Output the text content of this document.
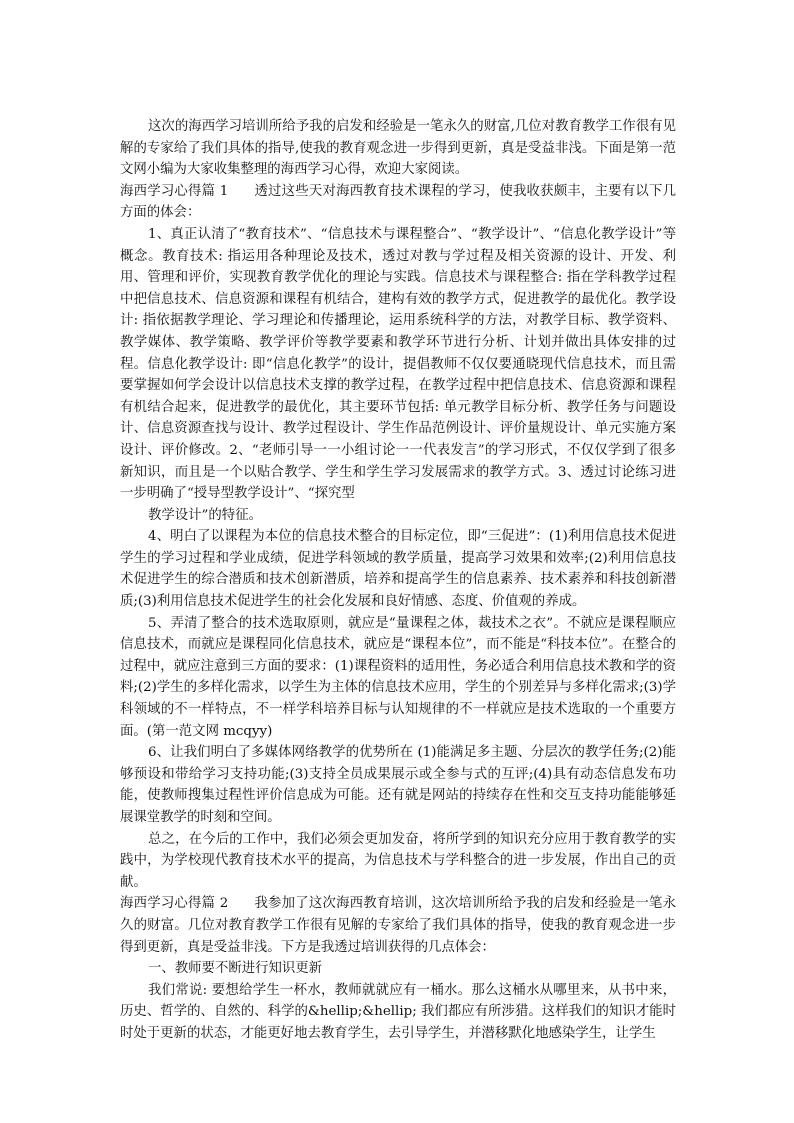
这次的海西学习培训所给予我的启发和经验是一笔永久的财富,几位对教育教学工作很有见解的专家给了我们具体的指导,使我的教育观念进一步得到更新，真是受益非浅。下面是第一范文网小编为大家收集整理的海西学习心得，欢迎大家阅读。

海西学习心得篇 1 透过这些天对海西教育技术课程的学习，使我收获颇丰，主要有以下几方面的体会：

1、真正认清了“教育技术”、“信息技术与课程整合”、“教学设计”、“信息化教学设计”等概念。教育技术: 指运用各种理论及技术，透过对教与学过程及相关资源的设计、开发、利用、管理和评价，实现教育教学优化的理论与实践。信息技术与课程整合: 指在学科教学过程中把信息技术、信息资源和课程有机结合，建构有效的教学方式，促进教学的最优化。教学设计: 指依据教学理论、学习理论和传播理论，运用系统科学的方法，对教学目标、教学资料、教学媒体、教学策略、教学评价等教学要素和教学环节进行分析、计划并做出具体安排的过程。信息化教学设计: 即“信息化教学”的设计，提倡教师不仅仅要通晓现代信息技术，而且需要掌握如何学会设计以信息技术支撑的教学过程，在教学过程中把信息技术、信息资源和课程有机结合起来，促进教学的最优化，其主要环节包括: 单元教学目标分析、教学任务与问题设计、信息资源查找与设计、教学过程设计、学生作品范例设计、评价量规设计、单元实施方案设计、评价修改。2、“老师引导一一小组讨论一一代表发言”的学习形式，不仅仅学到了很多新知识，而且是一个以贴合教学、学生和学生学习发展需求的教学方式。3、透过讨论练习进一步明确了“授导型教学设计”、“探究型

教学设计”的特征。

4、明白了以课程为本位的信息技术整合的目标定位，即“三促进”：(1)利用信息技术促进学生的学习过程和学业成绩，促进学科领域的教学质量，提高学习效果和效率;(2)利用信息技术促进学生的综合潜质和技术创新潜质，培养和提高学生的信息素养、技术素养和科技创新潜质;(3)利用信息技术促进学生的社会化发展和良好情感、态度、价值观的养成。

5、弄清了整合的技术选取原则，就应是“量课程之体，裁技术之衣”。不就应是课程顺应信息技术，而就应是课程同化信息技术，就应是“课程本位”，而不能是“科技本位”。在整合的过程中，就应注意到三方面的要求：(1)课程资料的适用性，务必适合利用信息技术教和学的资料;(2)学生的多样化需求，以学生为主体的信息技术应用，学生的个别差异与多样化需求;(3)学科领域的不一样特点，不一样学科培养目标与认知规律的不一样就应是技术选取的一个重要方面。(第一范文网 mcqyy)

6、让我们明白了多媒体网络教学的优势所在 (1)能满足多主题、分层次的教学任务;(2)能够预设和带给学习支持功能;(3)支持全员成果展示或全参与式的互评;(4)具有动态信息发布功能，使教师搜集过程性评价信息成为可能。还有就是网站的持续存在性和交互支持功能能够延展课堂教学的时刻和空间。

总之，在今后的工作中，我们必须会更加发奋，将所学到的知识充分应用于教育教学的实践中，为学校现代教育技术水平的提高，为信息技术与学科整合的进一步发展，作出自己的贡献。

海西学习心得篇 2 我参加了这次海西教育培训，这次培训所给予我的启发和经验是一笔永久的财富。几位对教育教学工作很有见解的专家给了我们具体的指导，使我的教育观念进一步得到更新，真是受益非浅。下方是我透过培训获得的几点体会：

一、教师要不断进行知识更新

我们常说: 要想给学生一杯水，教师就就应有一桶水。那么这桶水从哪里来，从书中来，历史、哲学的、自然的、科学的&hellip;&hellip; 我们都应有所涉猎。这样我们的知识才能时时处于更新的状态，才能更好地去教育学生，去引导学生，并潜移默化地感染学生，让学生
